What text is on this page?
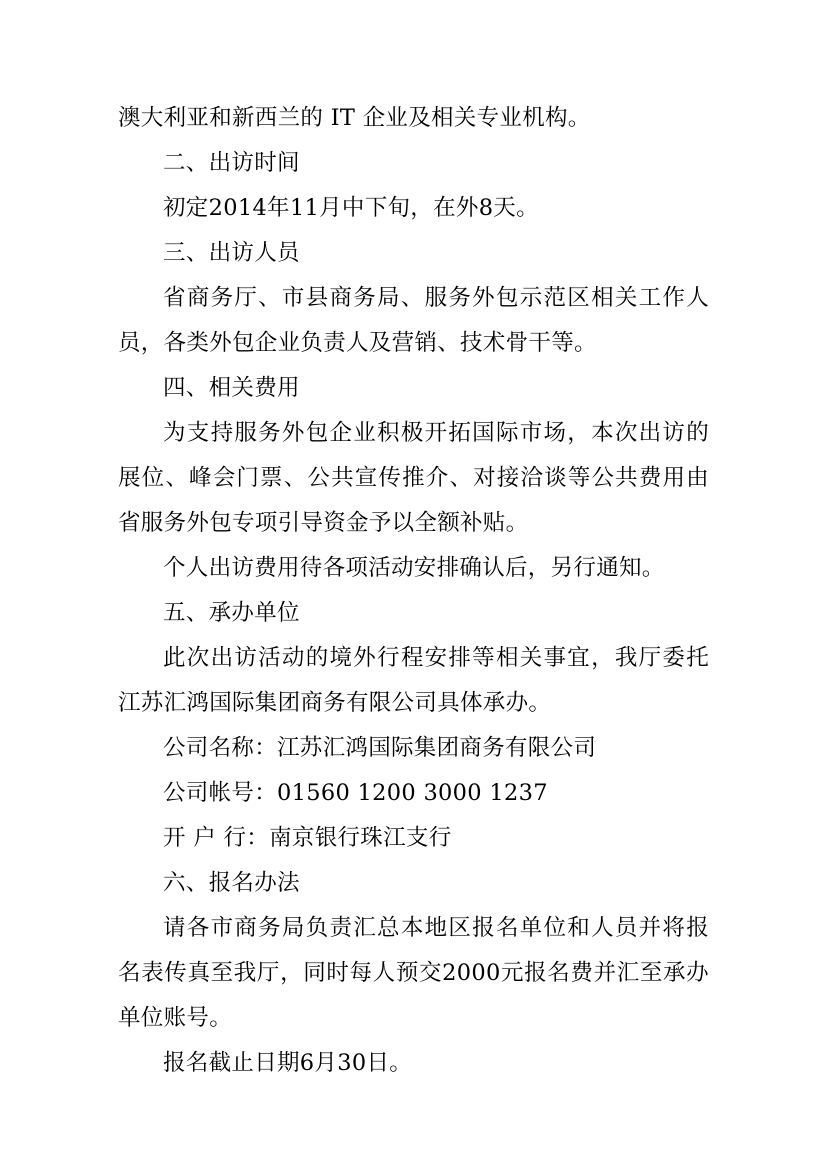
澳大利亚和新西兰的 IT 企业及相关专业机构。

二、出访时间

初定2014年11月中下旬，在外8天。

三、出访人员

省商务厅、市县商务局、服务外包示范区相关工作人员，各类外包企业负责人及营销、技术骨干等。

四、相关费用

为支持服务外包企业积极开拓国际市场，本次出访的展位、峰会门票、公共宣传推介、对接洽谈等公共费用由省服务外包专项引导资金予以全额补贴。

个人出访费用待各项活动安排确认后，另行通知。

五、承办单位

此次出访活动的境外行程安排等相关事宜，我厅委托江苏汇鸿国际集团商务有限公司具体承办。

公司名称：江苏汇鸿国际集团商务有限公司

公司帐号：01560 1200 3000 1237

开 户 行：南京银行珠江支行

六、报名办法

请各市商务局负责汇总本地区报名单位和人员并将报名表传真至我厅，同时每人预交2000元报名费并汇至承办单位账号。

报名截止日期6月30日。
